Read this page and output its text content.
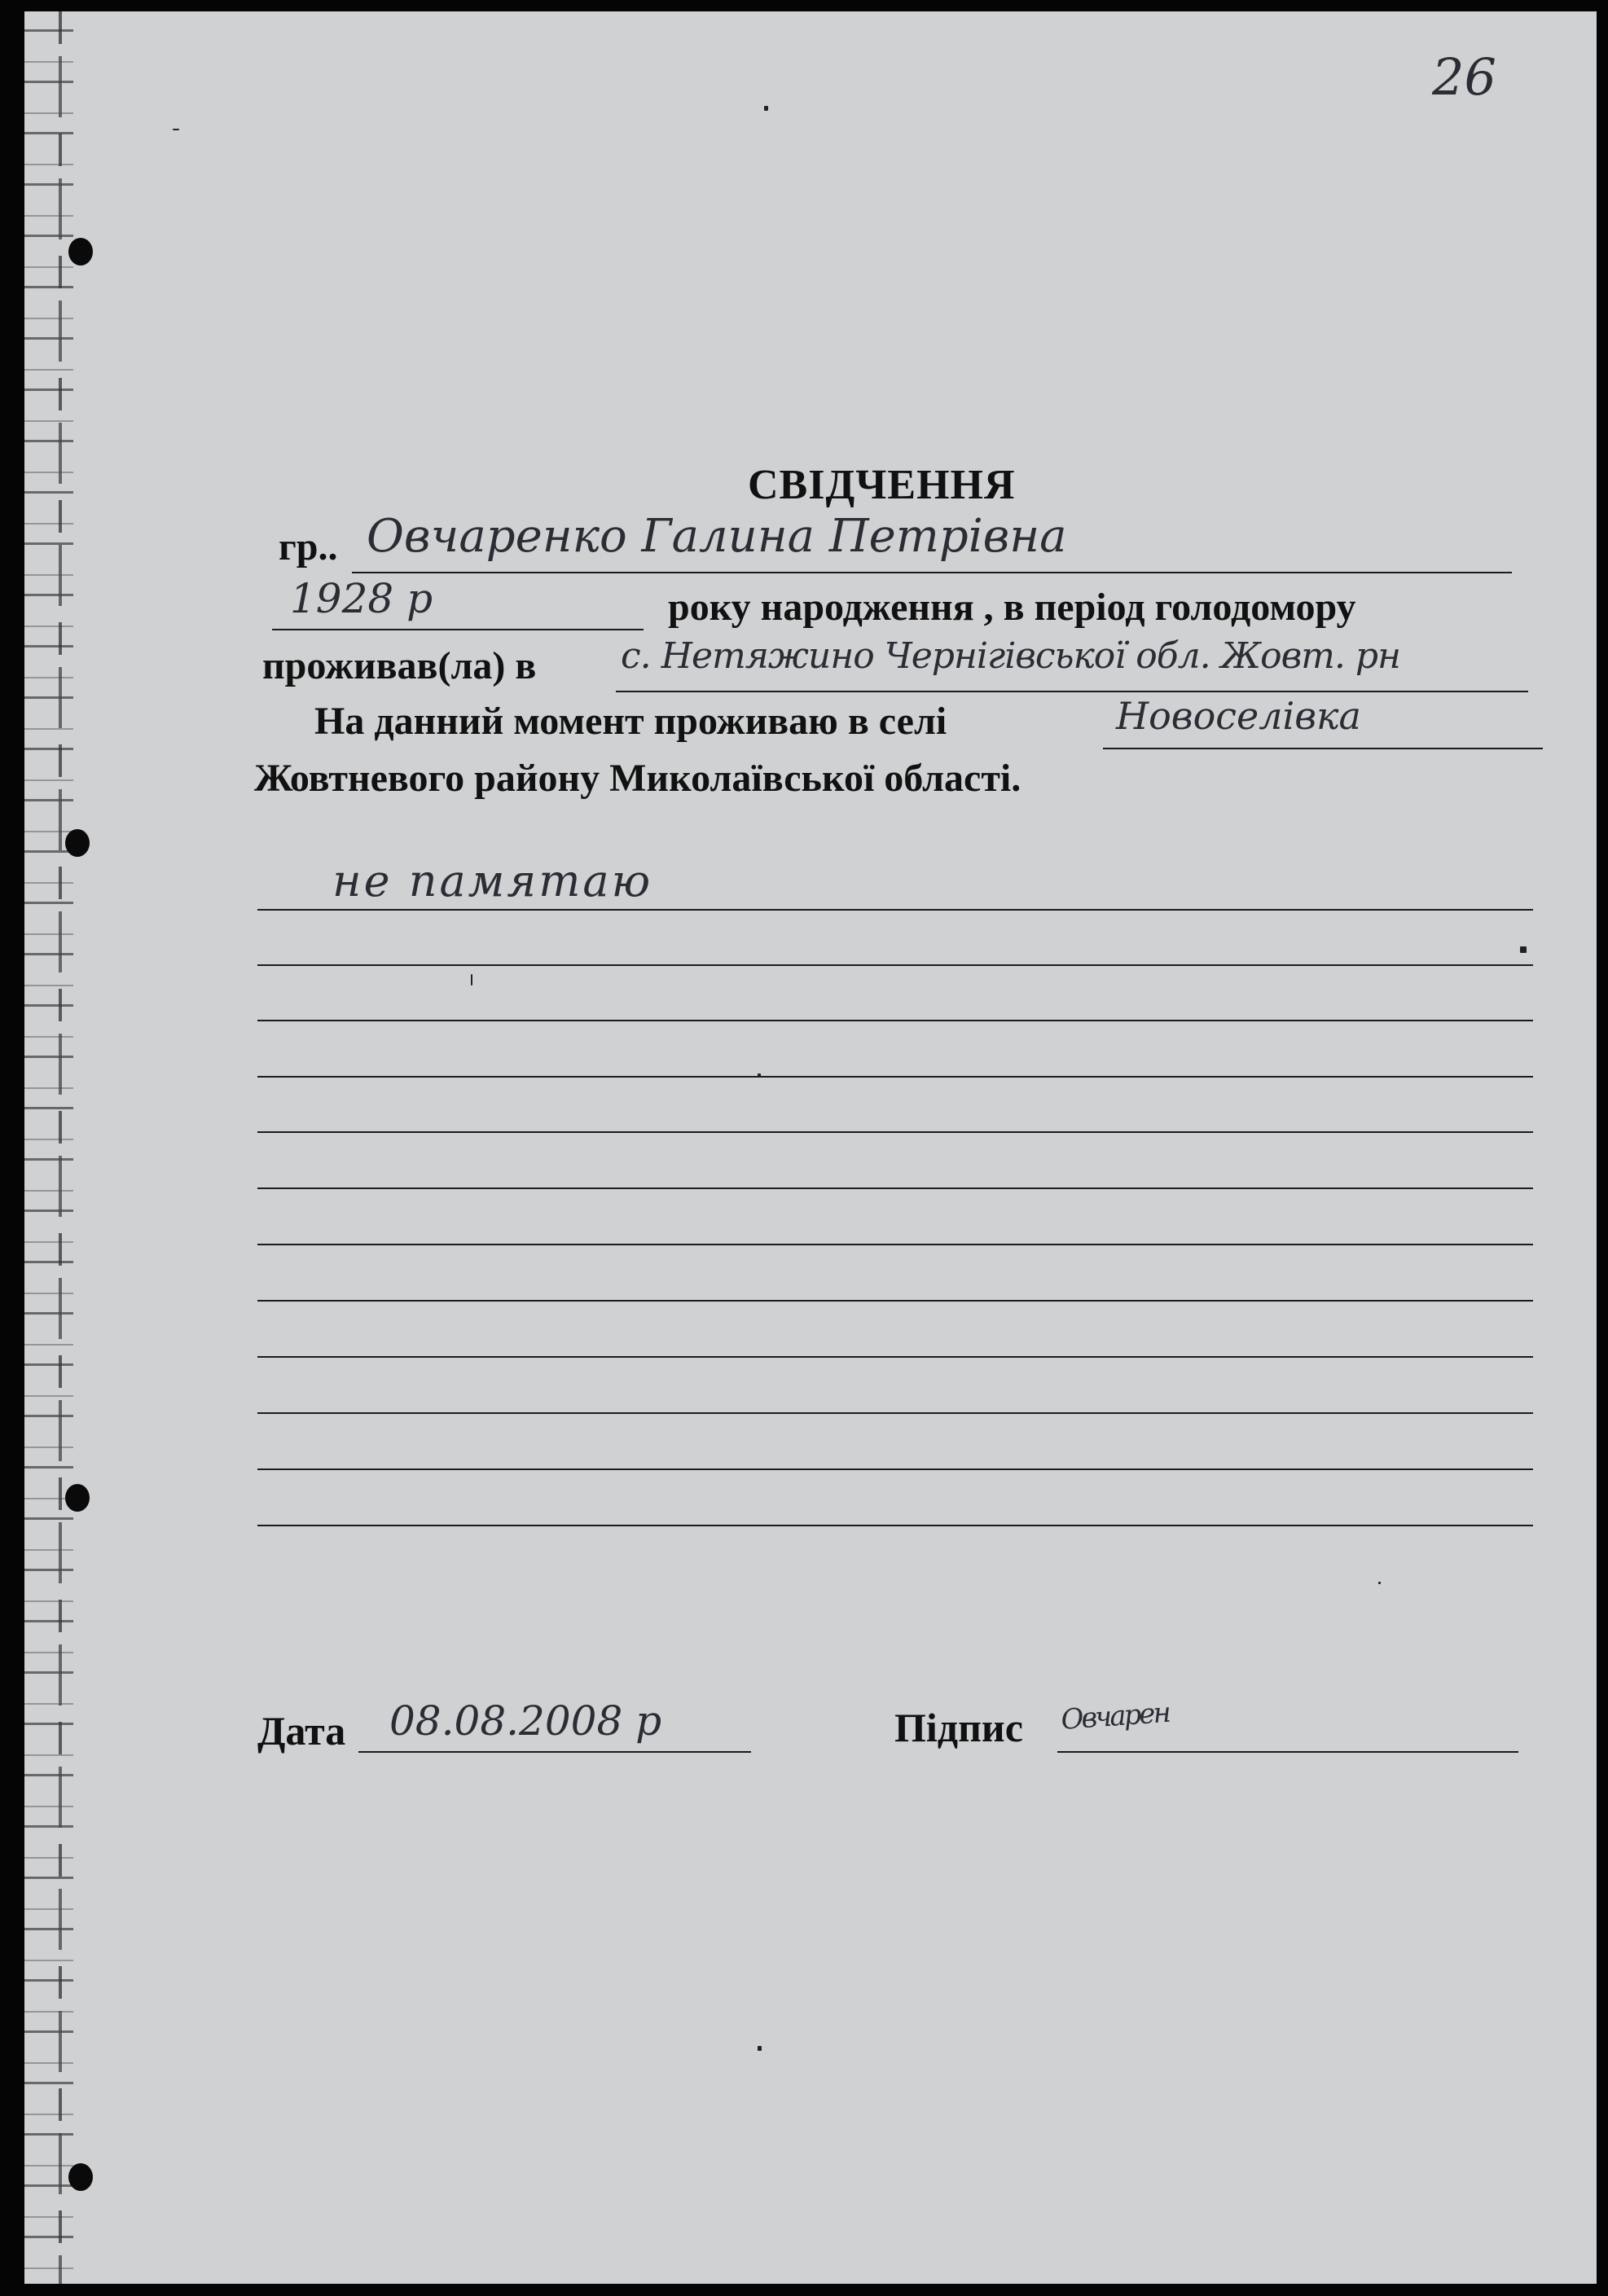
26
СВІДЧЕННЯ
гр.. Овчаренко Галина Петрівна
1928 р	року народження , в період голодомору
проживав(ла) в с. Нетяжино Чернігівської обл. Жовт. рн
На данний момент проживаю в селі	Новоселівка
Жовтневого району Миколаївської області.
не памятаю
Дата 08.08.2008 р	Підпис Овчарен
